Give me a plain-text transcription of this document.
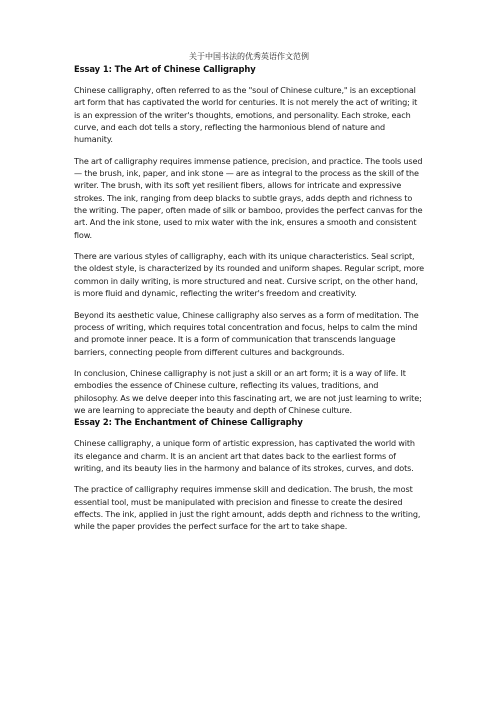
关于中国书法的优秀英语作文范例
Essay 1: The Art of Chinese Calligraphy

Chinese calligraphy, often referred to as the "soul of Chinese culture," is an exceptional art form that has captivated the world for centuries. It is not merely the act of writing; it is an expression of the writer's thoughts, emotions, and personality. Each stroke, each curve, and each dot tells a story, reflecting the harmonious blend of nature and humanity.

The art of calligraphy requires immense patience, precision, and practice. The tools used — the brush, ink, paper, and ink stone — are as integral to the process as the skill of the writer. The brush, with its soft yet resilient fibers, allows for intricate and expressive strokes. The ink, ranging from deep blacks to subtle grays, adds depth and richness to the writing. The paper, often made of silk or bamboo, provides the perfect canvas for the art. And the ink stone, used to mix water with the ink, ensures a smooth and consistent flow.

There are various styles of calligraphy, each with its unique characteristics. Seal script, the oldest style, is characterized by its rounded and uniform shapes. Regular script, more common in daily writing, is more structured and neat. Cursive script, on the other hand, is more fluid and dynamic, reflecting the writer's freedom and creativity.

Beyond its aesthetic value, Chinese calligraphy also serves as a form of meditation. The process of writing, which requires total concentration and focus, helps to calm the mind and promote inner peace. It is a form of communication that transcends language barriers, connecting people from different cultures and backgrounds.

In conclusion, Chinese calligraphy is not just a skill or an art form; it is a way of life. It embodies the essence of Chinese culture, reflecting its values, traditions, and philosophy. As we delve deeper into this fascinating art, we are not just learning to write; we are learning to appreciate the beauty and depth of Chinese culture.

Essay 2: The Enchantment of Chinese Calligraphy

Chinese calligraphy, a unique form of artistic expression, has captivated the world with its elegance and charm. It is an ancient art that dates back to the earliest forms of writing, and its beauty lies in the harmony and balance of its strokes, curves, and dots.

The practice of calligraphy requires immense skill and dedication. The brush, the most essential tool, must be manipulated with precision and finesse to create the desired effects. The ink, applied in just the right amount, adds depth and richness to the writing, while the paper provides the perfect surface for the art to take shape.
